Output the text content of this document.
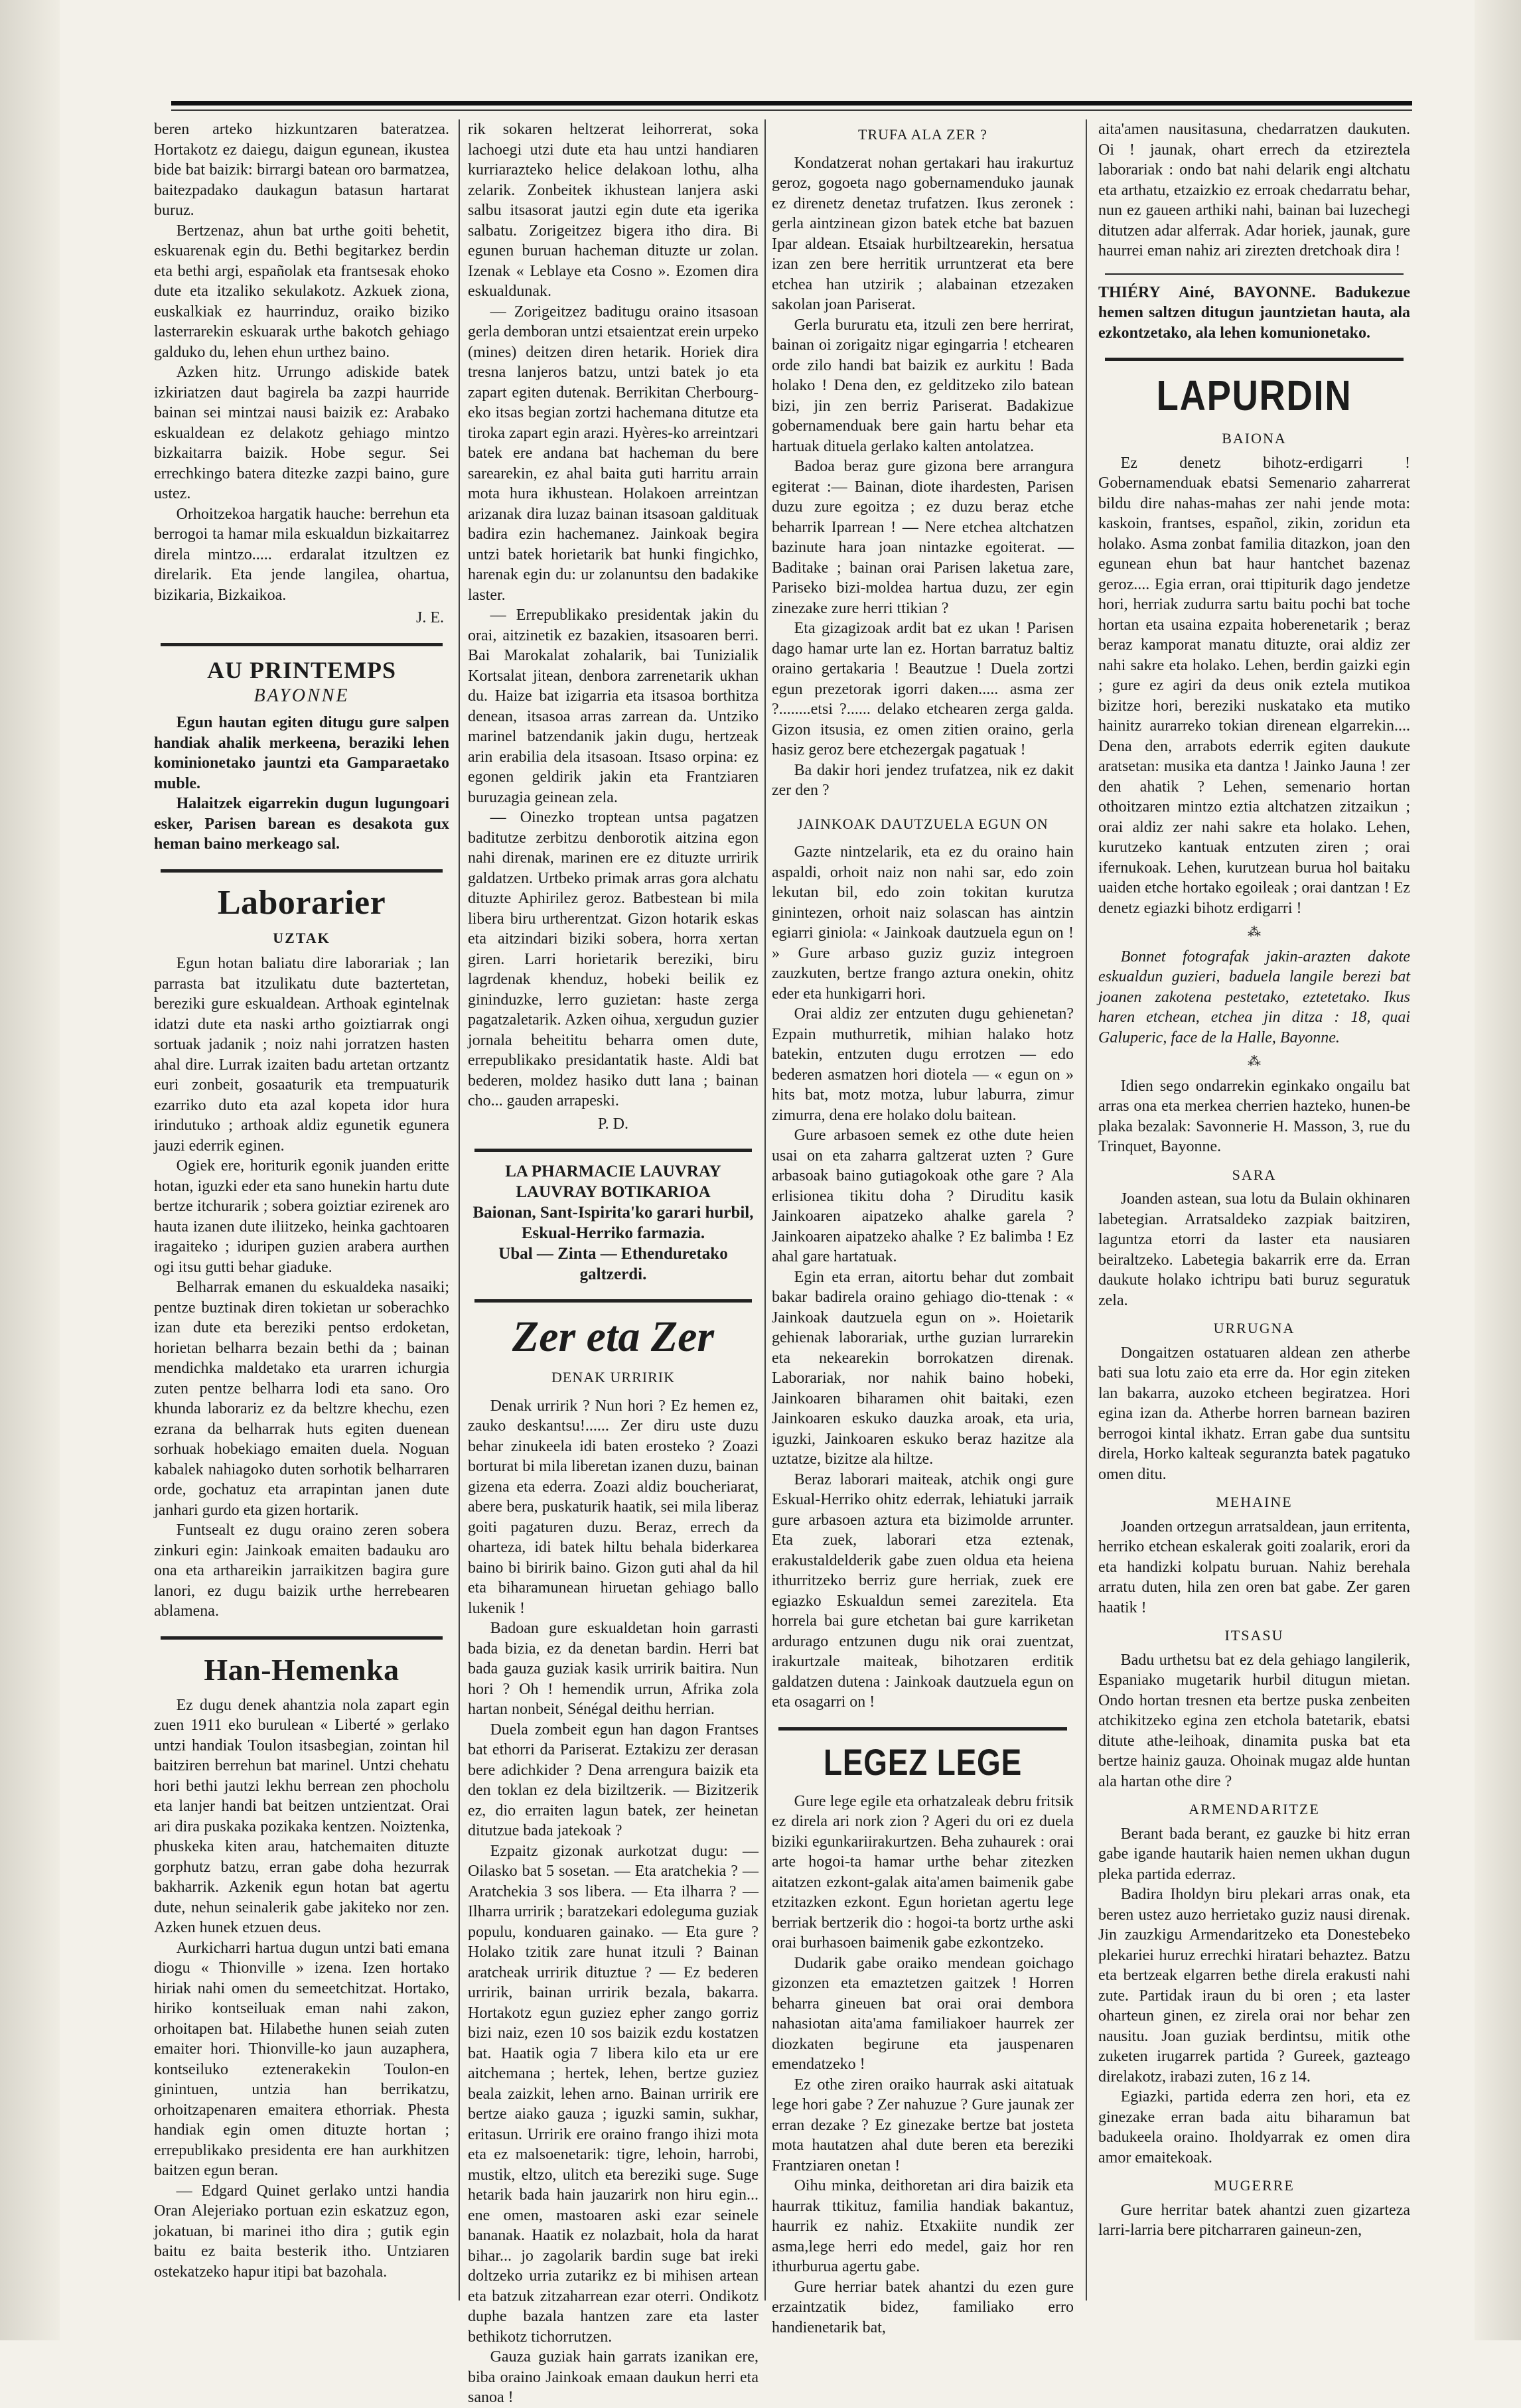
beren arteko hizkuntzaren bateratzea. Hortakotz ez daiegu, daigun egunean, ikustea bide bat baizik: birrargi batean oro barmatzea, baitezpadako daukagun batasun hartarat buruz.

Bertzenaz, ahun bat urthe goiti behetit, eskuarenak egin du. Bethi begitarkez berdin eta bethi argi, españolak eta frantsesak ehoko dute eta itzaliko sekulakotz. Azkuek ziona, euskalkiak ez haurrinduz, oraiko biziko lasterrarekin eskuarak urthe bakotch gehiago galduko du, lehen ehun urthez baino.

Azken hitz. Urrungo adiskide batek izkiriatzen daut bagirela ba zazpi haurride bainan sei mintzai nausi baizik ez: Arabako eskualdean ez delakotz gehiago mintzo bizkaitarra baizik. Hobe segur. Sei errechkingo batera ditezke zazpi baino, gure ustez.

Orhoitzekoa hargatik hauche: berrehun eta berrogoi ta hamar mila eskualdun bizkaitarrez direla mintzo..... erdaralat itzultzen ez direlarik. Eta jende langilea, ohartua, bizikaria, Bizkaikoa.

J. E.
AU PRINTEMPS
BAYONNE

Egun hautan egiten ditugu gure salpen handiak ahalik merkeena, beraziki lehen kominionetako jauntzi eta Gamparaetako muble.

Halaitzek eigarrekin dugun lugungoari esker, Parisen barean es desakota gux heman baino merkeago sal.

Laborarier
UZTAK

Egun hotan baliatu dire laborariak ; lan parrasta bat itzulikatu dute baztertetan, bereziki gure eskualdean. Arthoak egintelnak idatzi dute eta naski artho goiztiarrak ongi sortuak jadanik ; noiz nahi jorratzen hasten ahal dire. Lurrak izaiten badu artetan ortzantz euri zonbeit, gosaaturik eta trempuaturik ezarriko duto eta azal kopeta idor hura irindutuko ; arthoak aldiz egunetik egunera jauzi ederrik eginen.

Ogiek ere, horiturik egonik juanden eritte hotan, iguzki eder eta sano hunekin hartu dute bertze itchurarik ; sobera goiztiar ezirenek aro hauta izanen dute iliitzeko, heinka gachtoaren iragaiteko ; iduripen guzien arabera aurthen ogi itsu gutti behar giaduke.

Belharrak emanen du eskualdeka nasaiki; pentze buztinak diren tokietan ur soberachko izan dute eta bereziki pentso erdoketan, horietan belharra bezain bethi da ; bainan mendichka maldetako eta urarren ichurgia zuten pentze belharra lodi eta sano. Oro khunda laborariz ez da beltzre khechu, ezen ezrana da belharrak huts egiten duenean sorhuak hobekiago emaiten duela. Noguan kabalek nahiagoko duten sorhotik belharraren orde, gochatuz eta arrapintan janen dute janhari gurdo eta gizen hortarik.

Funtsealt ez dugu oraino zeren sobera zinkuri egin: Jainkoak emaiten badauku aro ona eta arthareikin jarraikitzen bagira gure lanori, ez dugu baizik urthe herrebearen ablamena.

Han-Hemenka

Ez dugu denek ahantzia nola zapart egin zuen 1911 eko burulean « Liberté » gerlako untzi handiak Toulon itsasbegian, zointan hil baitziren berrehun bat marinel. Untzi chehatu hori bethi jautzi lekhu berrean zen phocholu eta lanjer handi bat beitzen untzientzat. Orai ari dira puskaka pozikaka kentzen. Noiztenka, phuskeka kiten arau, hatchemaiten dituzte gorphutz batzu, erran gabe doha hezurrak bakharrik. Azkenik egun hotan bat agertu dute, nehun seinalerik gabe jakiteko nor zen. Azken hunek etzuen deus.

Aurkicharri hartua dugun untzi bati emana diogu « Thionville » izena. Izen hortako hiriak nahi omen du semeetchitzat. Hortako, hiriko kontseiluak eman nahi zakon, orhoitapen bat. Hilabethe hunen seiah zuten emaiter hori. Thionville-ko jaun auzaphera, kontseiluko eztenerakekin Toulon-en ginintuen, untzia han berrikatzu, orhoitzapenaren emaitera ethorriak. Phesta handiak egin omen dituzte hortan ; errepublikako presidenta ere han aurkhitzen baitzen egun beran.

— Edgard Quinet gerlako untzi handia Oran Alejeriako portuan ezin eskatzuz egon, jokatuan, bi marinei itho dira ; gutik egin baitu ez baita besterik itho. Untziaren ostekatzeko hapur itipi bat bazohala.

rik sokaren heltzerat leihorrerat, soka lachoegi utzi dute eta hau untzi handiaren kurriarazteko helice delakoan lothu, alha zelarik. Zonbeitek ikhustean lanjera aski salbu itsasorat jautzi egin dute eta igerika salbatu. Zorigeitzez bigera itho dira. Bi egunen buruan hacheman dituzte ur zolan. Izenak « Leblaye eta Cosno ». Ezomen dira eskualdunak.

— Zorigeitzez baditugu oraino itsasoan gerla demboran untzi etsaientzat erein urpeko (mines) deitzen diren hetarik. Horiek dira tresna lanjeros batzu, untzi batek jo eta zapart egiten dutenak. Berrikitan Cherbourg-eko itsas begian zortzi hachemana ditutze eta tiroka zapart egin arazi. Hyères-ko arreintzari batek ere andana bat hacheman du bere sarearekin, ez ahal baita guti harritu arrain mota hura ikhustean. Holakoen arreintzan arizanak dira luzaz bainan itsasoan galdituak badira ezin hachemanez. Jainkoak begira untzi batek horietarik bat hunki fingichko, harenak egin du: ur zolanuntsu den badakike laster.

— Errepublikako presidentak jakin du orai, aitzinetik ez bazakien, itsasoaren berri. Bai Marokalat zohalarik, bai Tunizialik Kortsalat jitean, denbora zarrenetarik ukhan du. Haize bat izigarria eta itsasoa borthitza denean, itsasoa arras zarrean da. Untziko marinel batzendanik jakin dugu, hertzeak arin erabilia dela itsasoan. Itsaso orpina: ez egonen geldirik jakin eta Frantziaren buruzagia geinean zela.

— Oinezko troptean untsa pagatzen baditutze zerbitzu denborotik aitzina egon nahi direnak, marinen ere ez dituzte urririk galdatzen. Urtbeko primak arras gora alchatu dituzte Aphirilez geroz. Batbestean bi mila libera biru urtherentzat. Gizon hotarik eskas eta aitzindari biziki sobera, horra xertan giren. Larri horietarik bereziki, biru lagrdenak khenduz, hobeki beilik ez gininduzke, lerro guzietan: haste zerga pagatzaletarik. Azken oihua, xergudun guzier jornala beheititu beharra omen dute, errepublikako presidantatik haste. Aldi bat bederen, moldez hasiko dutt lana ; bainan cho... gauden arrapeski.

P. D.
LA PHARMACIE LAUVRAY
LAUVRAY BOTIKARIOA
Baionan, Sant-Ispirita'ko garari hurbil,
Eskual-Herriko farmazia.
Ubal — Zinta — Ethenduretako
galtzerdi.
Zer eta Zer
DENAK URRIRIK

Denak urririk ? Nun hori ? Ez hemen ez, zauko deskantsu!...... Zer diru uste duzu behar zinukeela idi baten erosteko ? Zoazi borturat bi mila liberetan izanen duzu, bainan gizena eta ederra. Zoazi aldiz boucheriarat, abere bera, puskaturik haatik, sei mila liberaz goiti pagaturen duzu. Beraz, errech da oharteza, idi batek hiltu behala biderkarea baino bi biririk baino. Gizon guti ahal da hil eta biharamunean hiruetan gehiago ballo lukenik !

Badoan gure eskualdetan hoin garrasti bada bizia, ez da denetan bardin. Herri bat bada gauza guziak kasik urririk baitira. Nun hori ? Oh ! hemendik urrun, Afrika zola hartan nonbeit, Sénégal deithu herrian.

Duela zombeit egun han dagon Frantses bat ethorri da Pariserat. Eztakizu zer derasan bere adichkider ? Dena arrengura baizik eta den toklan ez dela biziltzerik. — Bizitzerik ez, dio erraiten lagun batek, zer heinetan ditutzue bada jatekoak ?

Ezpaitz gizonak aurkotzat dugu: — Oilasko bat 5 sosetan. — Eta aratchekia ? — Aratchekia 3 sos libera. — Eta ilharra ? — Ilharra urririk ; baratzekari edolegumа guziak populu, konduaren gainako. — Eta gure ? Holako tzitik zare hunat itzuli ? Bainan aratcheak urririk dituztue ? — Ez bederen urririk, bainan urririk bezala, bakarra. Hortakotz egun guziez epher zango gorriz bizi naiz, ezen 10 sos baizik ezdu kostatzen bat. Haatik ogia 7 libera kilo eta ur ere aitchemana ; hertek, lehen, bertze guziez beala zaizkit, lehen arno. Bainan urririk ere bertze aiako gauza ; iguzki samin, sukhar, eritasun. Urririk ere oraino frango ihizi mota eta ez malsoenetarik: tigre, lehoin, harrobi, mustik, eltzo, ulitch eta bereziki suge. Suge hetarik bada hain jauzarirk non hiru egin... ene omen, mastoaren aski ezar seinele bananak. Haatik ez nolazbait, hola da harat bihar... jo zagolarik bardin suge bat ireki doltzeko urria zutarikz ez bi mihisen artean eta batzuk zitzaharrean ezar oterri. Ondikotz duphe bazala hantzen zare eta laster bethikotz tichorrutzen.

Gauza guziak hain garrats izanikan ere, biba oraino Jainkoak emaan daukun herri eta sanoa !

TRUFA ALA ZER ?

Kondatzerat nohan gertakari hau irakurtuz geroz, gogoeta nago gobernamenduko jaunak ez direnetz denetaz trufatzen. Ikus zeronek : gerla aintzinean gizon batek etche bat bazuen Ipar aldean. Etsaiak hurbiltzearekin, hersatua izan zen bere herritik urruntzerat eta bere etchea han utzirik ; alabainan etzezaken sakolan joan Pariserat.

Gerla bururatu eta, itzuli zen bere herrirat, bainan oi zorigaitz nigar egingarria ! etchearen orde zilo handi bat baizik ez aurkitu ! Bada holako ! Dena den, ez gelditzeko zilo batean bizi, jin zen berriz Pariserat. Badakizue gobernamenduak bere gain hartu behar eta hartuak dituela gerlako kalten antolatzea.

Badoa beraz gure gizona bere arrangura egiterat :— Bainan, diote ihardesten, Parisen duzu zure egoitza ; ez duzu beraz etche beharrik Iparrean ! — Nere etchea altchatzen bazinute hara joan nintazke egoiterat. — Baditake ; bainan orai Parisen laketua zare, Pariseko bizi-moldea hartua duzu, zer egin zinezake zure herri ttikian ?

Eta gizagizoak ardit bat ez ukan ! Parisen dago hamar urte lan ez. Hortan barratuz baltiz oraino gertakaria ! Beautzue ! Duela zortzi egun prezetorak igorri daken..... asma zer ?........etsi ?...... delako etchearen zerga galda. Gizon itsusia, ez omen zitien oraino, gerla hasiz geroz bere etchezergak pagatuak !

Ba dakir hori jendez trufatzea, nik ez dakit zer den ?

JAINKOAK DAUTZUELA EGUN ON

Gazte nintzelarik, eta ez du oraino hain aspaldi, orhoit naiz non nahi sar, edo zoin lekutan bil, edo zoin tokitan kurutza ginintezen, orhoit naiz solascan has aintzin egiarri giniola: « Jainkoak dautzuela egun on ! » Gure arbaso guziz guziz integroen zauzkuten, bertze frango aztura onekin, ohitz eder eta hunkigarri hori.

Orai aldiz zer entzuten dugu gehienetan? Ezpain muthurretik, mihian halako hotz batekin, entzuten dugu errotzen — edo bederen asmatzen hori diotela — « egun on » hits bat, motz motza, lubur laburra, zimur zimurra, dena ere holako dolu baitean.

Gure arbasoen semek ez othe dute heien usai on eta zaharra galtzerat uzten ? Gure arbasoak baino gutiagokoak othe gare ? Ala erlisionea tikitu doha ? Diruditu kasik Jainkoaren aipatzeko ahalke garela ? Jainkoaren aipatzeko ahalke ? Ez balimba ! Ez ahal gare hartatuak.

Egin eta erran, aitortu behar dut zombait bakar badirela oraino gehiago dio-ttenak : « Jainkoak dautzuela egun on ». Hoietarik gehienak laborariak, urthe guzian lurrarekin eta nekearekin borrokatzen direnak. Laborariak, nor nahik baino hobeki, Jainkoaren biharamen ohit baitaki, ezen Jainkoaren eskuko dauzka aroak, eta uria, iguzki, Jainkoaren eskuko beraz hazitze ala uztatze, bizitze ala hiltze.

Beraz laborari maiteak, atchik ongi gure Eskual-Herriko ohitz ederrak, lehiatuki jarraik gure arbasoen aztura eta bizimolde arrunter. Eta zuek, laborari etza eztenak, erakustaldelderik gabe zuen oldua eta heiena ithurritzeko berriz gure herriak, zuek ere egiazko Eskualdun semei zarezitela. Eta horrela bai gure etchetan bai gure karriketan ardurago entzunen dugu nik orai zuentzat, irakurtzale maiteak, bihotzaren erditik galdatzen dutena : Jainkoak dautzuela egun on eta osagarri on !

LEGEZ LEGE

Gure lege egile eta orhatzaleak debru fritsik ez direla ari nork zion ? Ageri du ori ez duela biziki egunkariirakurtzen. Beha zuhaurek : orai arte hogoi-ta hamar urthe behar zitezken aitatzen ezkont-galak aita'amen baimenik gabe etzitazken ezkont. Egun horietan agertu lege berriak bertzerik dio : hogoi-ta bortz urthe aski orai burhasoen baimenik gabe ezkontzeko.

Dudarik gabe oraiko mendean goichago gizonzen eta emaztetzen gaitzek ! Horren beharra gineuen bat orai orai dembora nahasiotan aita'ama familiakoer haurrek zer diozkaten begirune eta jauspenaren emendatzeko !

Ez othe ziren oraiko haurrak aski aitatuak lege hori gabe ? Zer nahuzue ? Gure jaunak zer erran dezake ? Ez ginezake bertze bat josteta mota hautatzen ahal dute beren eta bereziki Frantziaren onetan !

Oihu minka, deithoretan ari dira baizik eta haurrak ttikituz, familia handiak bakantuz, haurrik ez nahiz. Etxakiite nundik zer asma,lege herri edo medel, gaiz hor ren ithurburua agertu gabe.

Gure herriar batek ahantzi du ezen gure erzaintzatik bidez, familiako erro handienetarik bat,

aita'amen nausitasuna, chedarratzen daukuten. Oi ! jaunak, ohart errech da etzireztela laborariak : ondo bat nahi delarik engi altchatu eta arthatu, etzaizkio ez erroak chedarratu behar, nun ez gaueen arthiki nahi, bainan bai luzechegi ditutzen adar alferrak. Adar horiek, jaunak, gure haurrei eman nahiz ari zirezten dretchoak dira !

THIÉRY Ainé, BAYONNE. Badukezue hemen saltzen ditugun jauntzietan hauta, ala ezkontzetako, ala lehen komunionetako.

LAPURDIN
BAIONA

Ez denetz bihotz-erdigarri ! Gobernamenduak ebatsi Semenario zaharrerat bildu dire nahas-mahas zer nahi jende mota: kaskoin, frantses, español, zikin, zoridun eta holako. Asma zonbat familia ditazkon, joan den egunean ehun bat haur hantchet bazenaz geroz.... Egia erran, orai ttipiturik dago jendetze hori, herriak zudurra sartu baitu pochi bat toche hortan eta usaina ezpaita hoberenetarik ; beraz beraz kamporat manatu dituzte, orai aldiz zer nahi sakre eta holako. Lehen, berdin gaizki egin ; gure ez agiri da deus onik eztela mutikoa bizitze hori, bereziki nuskatako eta mutiko hainitz aurarreko tokian direnean elgarrekin.... Dena den, arrabots ederrik egiten daukute aratsetan: musika eta dantza ! Jainko Jauna ! zer den ahatik ? Lehen, semenario hortan othoitzaren mintzo eztia altchatzen zitzaikun ; orai aldiz zer nahi sakre eta holako. Lehen, kurutzeko kantuak entzuten ziren ; orai ifernukoak. Lehen, kurutzean burua hol baitaku uaiden etche hortako egoileak ; orai dantzan ! Ez denetz egiazki bihotz erdigarri !

⁂

Bonnet fotografak jakin-arazten dakote eskualdun guzieri, baduela langile berezi bat joanen zakotena pestetako, eztetetako. Ikus haren etchean, etchea jin ditza : 18, quai Galuperic, face de la Halle, Bayonne.

⁂

Idien sego ondarrekin eginkako ongailu bat arras ona eta merkea cherrien hazteko, hunen-be plaka bezalak: Savonnerie H. Masson, 3, rue du Trinquet, Bayonne.

SARA

Joanden astean, sua lotu da Bulain okhinaren labetegian. Arratsaldeko zazpiak baitziren, laguntza etorri da laster eta nausiaren beiraltzeko. Labetegia bakarrik erre da. Erran daukute holako ichtripu bati buruz seguratuk zela.

URRUGNA

Dongaitzen ostatuaren aldean zen atherbe bati sua lotu zaio eta erre da. Hor egin ziteken lan bakarra, auzoko etcheen begiratzea. Hori egina izan da. Atherbe horren barnean baziren berrogoi kintal ikhatz. Erran gabe dua suntsitu direla, Horko kalteak seguranzta batek pagatuko omen ditu.

MEHAINE

Joanden ortzegun arratsaldean, jaun erritenta, herriko etchean eskalerak goiti zoalarik, erori da eta handizki kolpatu buruan. Nahiz berehala arratu duten, hila zen oren bat gabe. Zer garen haatik !

ITSASU

Badu urthetsu bat ez dela gehiago langilerik, Espaniako mugetarik hurbil ditugun mietan. Ondo hortan tresnen eta bertze puska zenbeiten atchikitzeko egina zen etchola batetarik, ebatsi ditute athe-leihoak, dinamita puska bat eta bertze hainiz gauza. Ohoinak mugaz alde huntan ala hartan othe dire ?

ARMENDARITZE

Berant bada berant, ez gauzke bi hitz erran gabe igande hautarik haien nemen ukhan dugun pleka partida ederraz.

Badira Iholdyn biru plekari arras onak, eta beren ustez auzo herrietako guziz nausi direnak. Jin zauzkigu Armendaritzeko eta Donestebeko plekariei huruz errechki hiratari behaztez. Batzu eta bertzeak elgarren bethe direla erakusti nahi zute. Partidak iraun du bi oren ; eta laster oharteun ginen, ez zirela orai nor behar zen nausitu. Joan guziak berdintsu, mitik othe zuketen irugarrek partida ? Gureek, gazteago direlakotz, irabazi zuten, 16 z 14.

Egiazki, partida ederra zen hori, eta ez ginezake erran bada aitu biharamun bat badukeela oraino. Iholdyarrak ez omen dira amor emaitekoak.

MUGERRE

Gure herritar batek ahantzi zuen gizarteza larri-larria bere pitcharraren gaineun-zen,
